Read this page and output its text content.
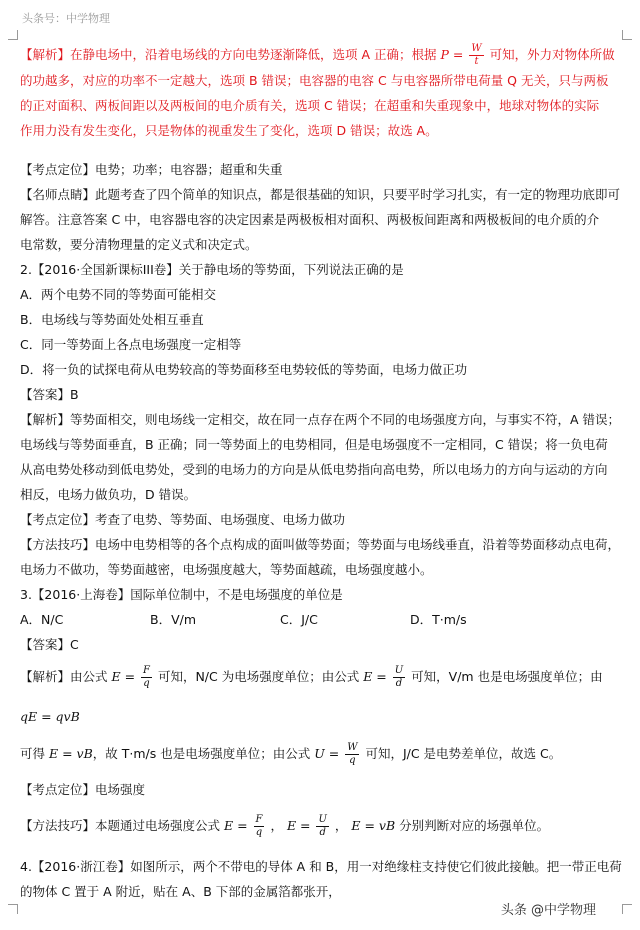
头条号：中学物理
【解析】在静电场中，沿着电场线的方向电势逐渐降低，选项 A 正确；根据 $P = \frac{W}{t}$ 可知，外力对物体所做
的功越多，对应的功率不一定越大，选项 B 错误；电容器的电容 C 与电容器所带电荷量 Q 无关，只与两板
的正对面积、两板间距以及两板间的电介质有关，选项 C 错误；在超重和失重现象中，地球对物体的实际
作用力没有发生变化，只是物体的视重发生了变化，选项 D 错误；故选 A。
【考点定位】电势；功率；电容器；超重和失重
【名师点睛】此题考查了四个简单的知识点，都是很基础的知识，只要平时学习扎实，有一定的物理功底即可
解答。注意答案 C 中，电容器电容的决定因素是两极板相对面积、两极板间距离和两极板间的电介质的介
电常数，要分清物理量的定义式和决定式。
2.【2016·全国新课标III卷】关于静电场的等势面，下列说法正确的是
A．两个电势不同的等势面可能相交
B．电场线与等势面处处相互垂直
C．同一等势面上各点电场强度一定相等
D．将一负的试探电荷从电势较高的等势面移至电势较低的等势面，电场力做正功
【答案】B
【解析】等势面相交，则电场线一定相交，故在同一点存在两个不同的电场强度方向，与事实不符，A 错误；
电场线与等势面垂直，B 正确；同一等势面上的电势相同，但是电场强度不一定相同，C 错误；将一负电荷
从高电势处移动到低电势处，受到的电场力的方向是从低电势指向高电势，所以电场力的方向与运动的方向
相反，电场力做负功，D 错误。
【考点定位】考查了电势、等势面、电场强度、电场力做功
【方法技巧】电场中电势相等的各个点构成的面叫做等势面；等势面与电场线垂直，沿着等势面移动点电荷，
电场力不做功，等势面越密，电场强度越大，等势面越疏，电场强度越小。
3.【2016·上海卷】国际单位制中，不是电场强度的单位是
A．N/C	B．V/m	C．J/C	D．T·m/s
【答案】C
【解析】由公式 $E = \frac{F}{q}$ 可知，N/C 为电场强度单位；由公式 $E = \frac{U}{d}$ 可知，V/m 也是电场强度单位；由 qE = qvB
可得 E = vB，故 T·m/s 也是电场强度单位；由公式 $U = \frac{W}{q}$ 可知，J/C 是电势差单位，故选 C。
【考点定位】电场强度
【方法技巧】本题通过电场强度公式 $E = \frac{F}{q}$ ， $E = \frac{U}{d}$ ， E = vB 分别判断对应的场强单位。
4.【2016·浙江卷】如图所示，两个不带电的导体 A 和 B，用一对绝缘柱支持使它们彼此接触。把一带正电荷
的物体 C 置于 A 附近，贴在 A、B 下部的金属箔都张开，
头条 @中学物理
